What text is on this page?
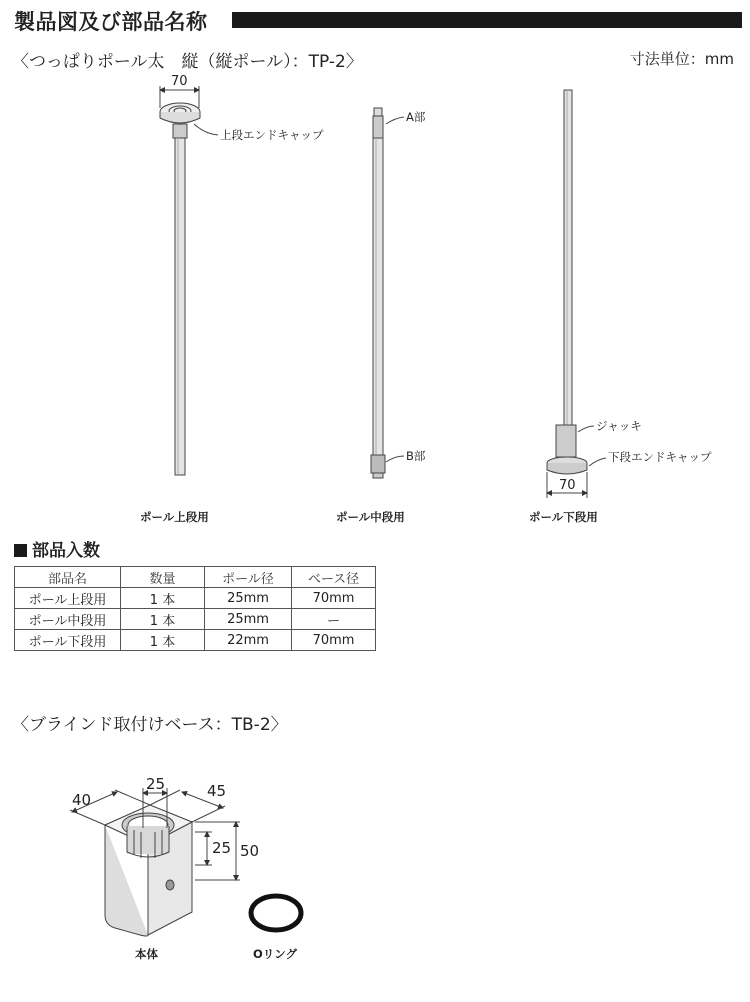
製品図及び部品名称
〈つっぱりポール太　縦（縦ポール）：TP-2〉	寸法単位：mm
70
上段エンドキャップ
ポール上段用
A部
B部
ポール中段用
ジャッキ
下段エンドキャップ
70
ポール下段用
40
25	45
25 50
本体	Oリング
部品入数
部品名	数量	ポール径	ベース径
ポール上段用	1 本	25mm	70mm
ポール中段用	1 本	25mm	ー
ポール下段用	1 本	22mm	70mm
〈ブラインド取付けベース：TB-2〉
